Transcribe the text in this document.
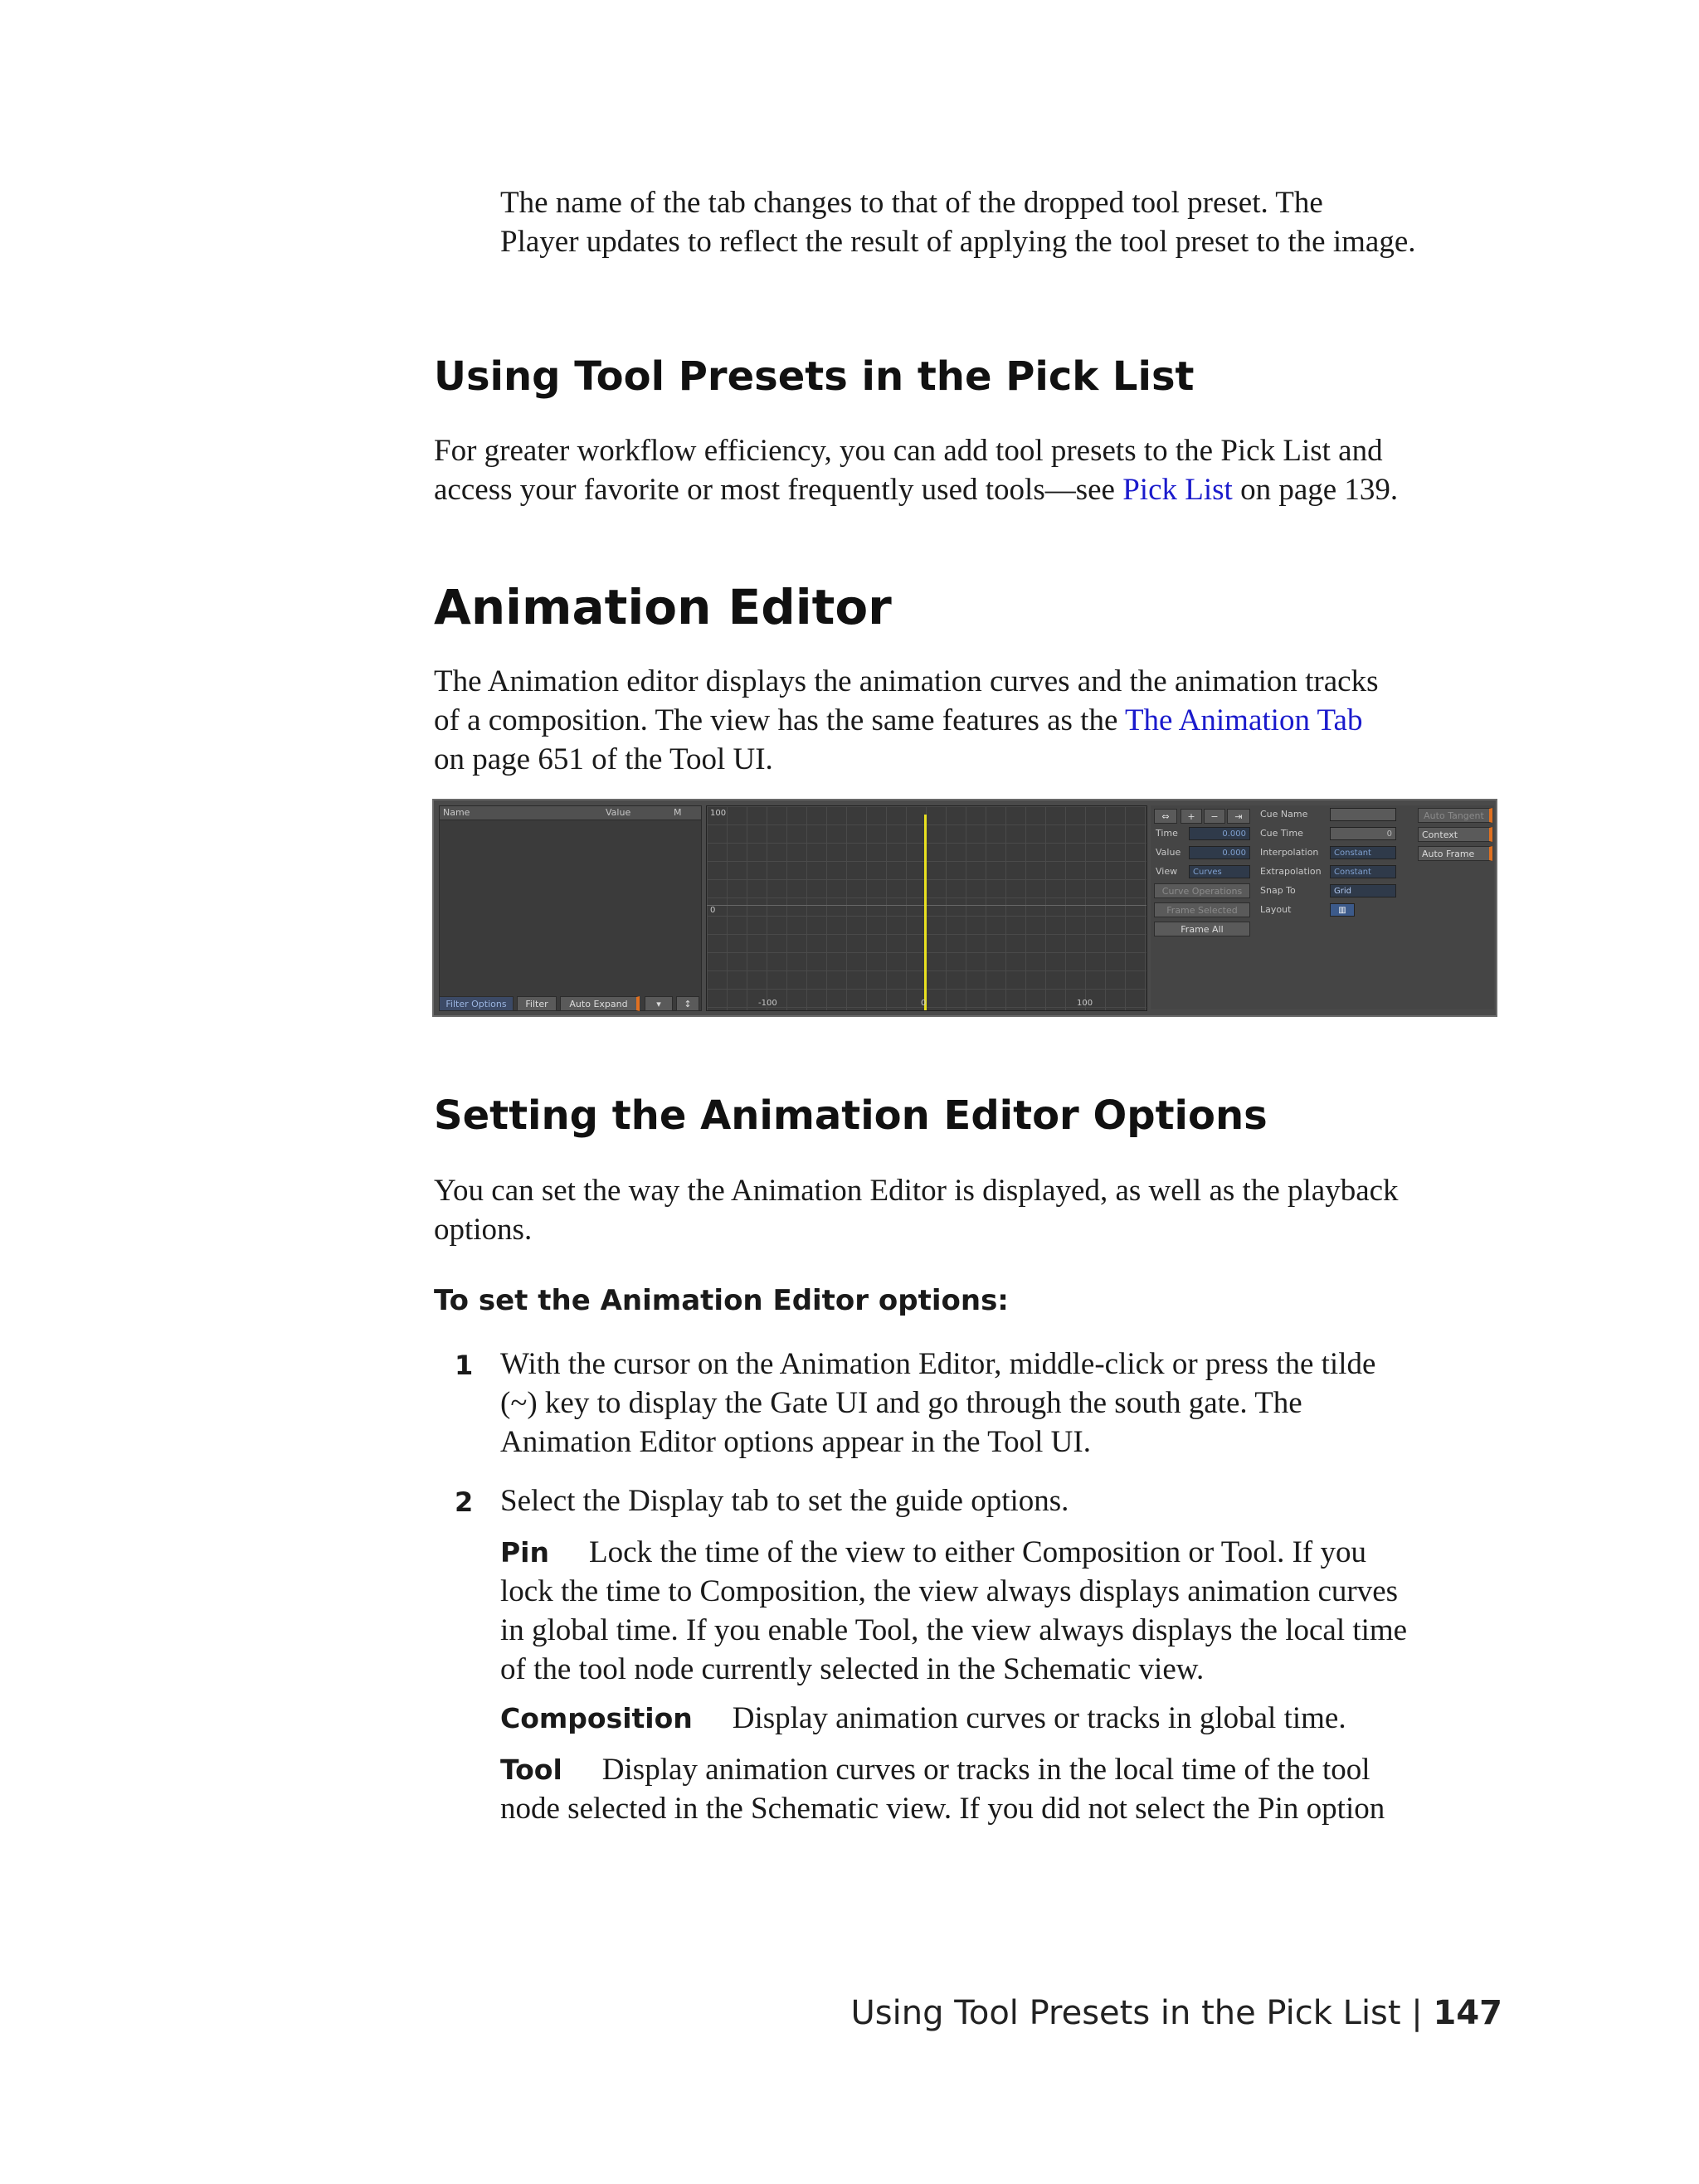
The name of the tab changes to that of the dropped tool preset. The
Player updates to reflect the result of applying the tool preset to the image.

Using Tool Presets in the Pick List

For greater workflow efficiency, you can add tool presets to the Pick List and
access your favorite or most frequently used tools—see Pick List on page 139.

Animation Editor

The Animation editor displays the animation curves and the animation tracks
of a composition. The view has the same features as the The Animation Tab
on page 651 of the Tool UI.

Name	Value	M
Filter Options	Filter	Auto Expand	▾	↕
100
0
-100	0	100
⇔	+	−	⇥
Time	0.000
Value	0.000
View	Curves
Curve Operations
Frame Selected
Frame All
Cue Name
Cue Time	0
Interpolation	Constant
Extrapolation	Constant
Snap To	Grid
Layout	▥
Auto Tangent
Context
Auto Frame
Setting the Animation Editor Options

You can set the way the Animation Editor is displayed, as well as the playback
options.

To set the Animation Editor options:
1 With the cursor on the Animation Editor, middle-click or press the tilde
(~) key to display the Gate UI and go through the south gate. The
Animation Editor options appear in the Tool UI.

2 Select the Display tab to set the guide options.

Pin Lock the time of the view to either Composition or Tool. If you
lock the time to Composition, the view always displays animation curves
in global time. If you enable Tool, the view always displays the local time
of the tool node currently selected in the Schematic view.

Composition Display animation curves or tracks in global time.

Tool Display animation curves or tracks in the local time of the tool
node selected in the Schematic view. If you did not select the Pin option

Using Tool Presets in the Pick List | 147
